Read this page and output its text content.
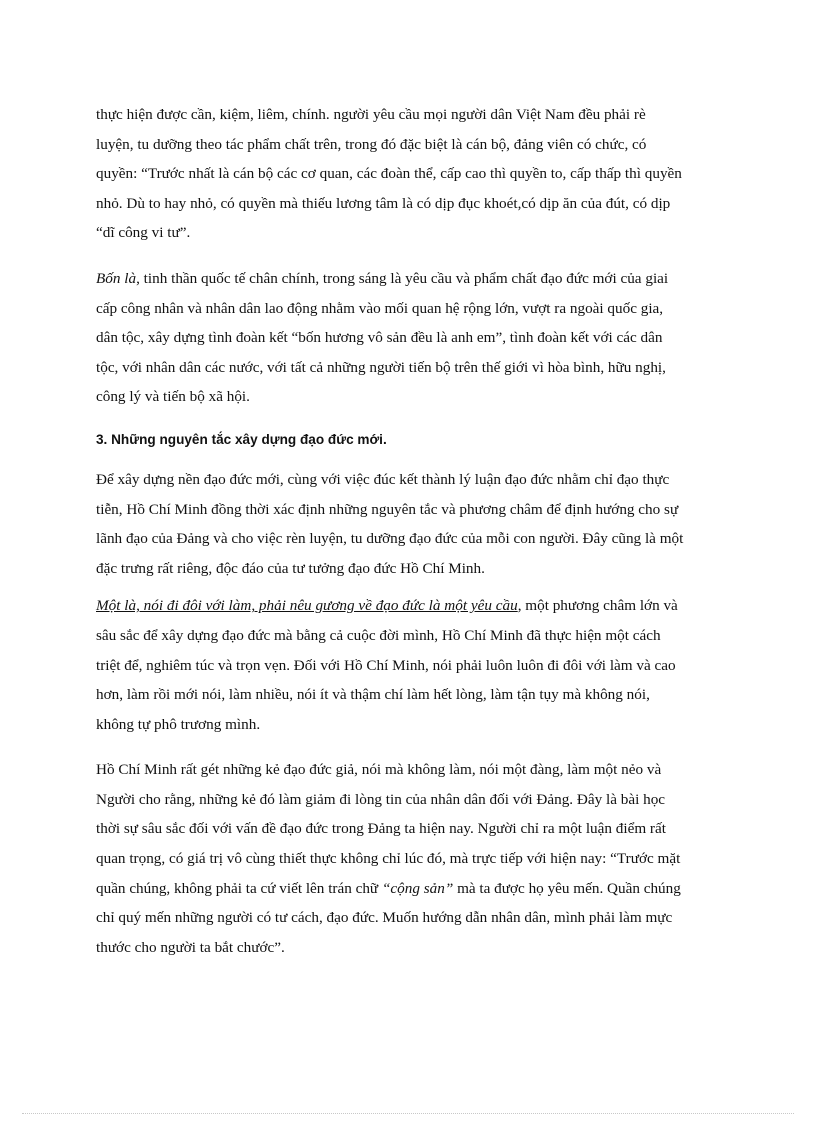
thực hiện được cần, kiệm, liêm, chính. người yêu cầu mọi người dân Việt Nam đều phải rè
luyện, tu dưỡng theo tác phẩm chất trên, trong đó đặc biệt là cán bộ, đảng viên có chức, có
quyền: “Trước nhất là cán bộ các cơ quan, các đoàn thể, cấp cao thì quyền to, cấp thấp thì quyền
nhỏ. Dù to hay nhỏ, có quyền mà thiếu lương tâm là có dịp đục khoét,có dịp ăn của đút, có dịp
“dĩ công vi tư”.

Bốn là, tinh thần quốc tế chân chính, trong sáng là yêu cầu và phẩm chất đạo đức mới của giai
cấp công nhân và nhân dân lao động nhằm vào mối quan hệ rộng lớn, vượt ra ngoài quốc gia,
dân tộc, xây dựng tình đoàn kết “bốn hương vô sản đều là anh em”, tình đoàn kết với các dân
tộc, với nhân dân các nước, với tất cả những người tiến bộ trên thế giới vì hòa bình, hữu nghị,
công lý và tiến bộ xã hội.

3. Những nguyên tắc xây dựng đạo đức mới.

Để xây dựng nền đạo đức mới, cùng với việc đúc kết thành lý luận đạo đức nhằm chỉ đạo thực
tiễn, Hồ Chí Minh đồng thời xác định những nguyên tắc và phương châm để định hướng cho sự
lãnh đạo của Đảng và cho việc rèn luyện, tu dưỡng đạo đức của mỗi con người. Đây cũng là một
đặc trưng rất riêng, độc đáo của tư tưởng đạo đức Hồ Chí Minh.

Một là, nói đi đôi với làm, phải nêu gương về đạo đức là một yêu cầu, một phương châm lớn và
sâu sắc để xây dựng đạo đức mà bằng cả cuộc đời mình, Hồ Chí Minh đã thực hiện một cách
triệt để, nghiêm túc và trọn vẹn. Đối với Hồ Chí Minh, nói phải luôn luôn đi đôi với làm và cao
hơn, làm rồi mới nói, làm nhiều, nói ít và thậm chí làm hết lòng, làm tận tụy mà không nói,
không tự phô trương mình.

Hồ Chí Minh rất gét những kẻ đạo đức giả, nói mà không làm, nói một đàng, làm một nẻo và
Người cho rằng, những kẻ đó làm giảm đi lòng tin của nhân dân đối với Đảng. Đây là bài học
thời sự sâu sắc đối với vấn đề đạo đức trong Đảng ta hiện nay. Người chỉ ra một luận điểm rất
quan trọng, có giá trị vô cùng thiết thực không chỉ lúc đó, mà trực tiếp với hiện nay: “Trước mặt
quần chúng, không phải ta cứ viết lên trán chữ “cộng sản” mà ta được họ yêu mến. Quần chúng
chỉ quý mến những người có tư cách, đạo đức. Muốn hướng dẫn nhân dân, mình phải làm mực
thước cho người ta bắt chước”.
